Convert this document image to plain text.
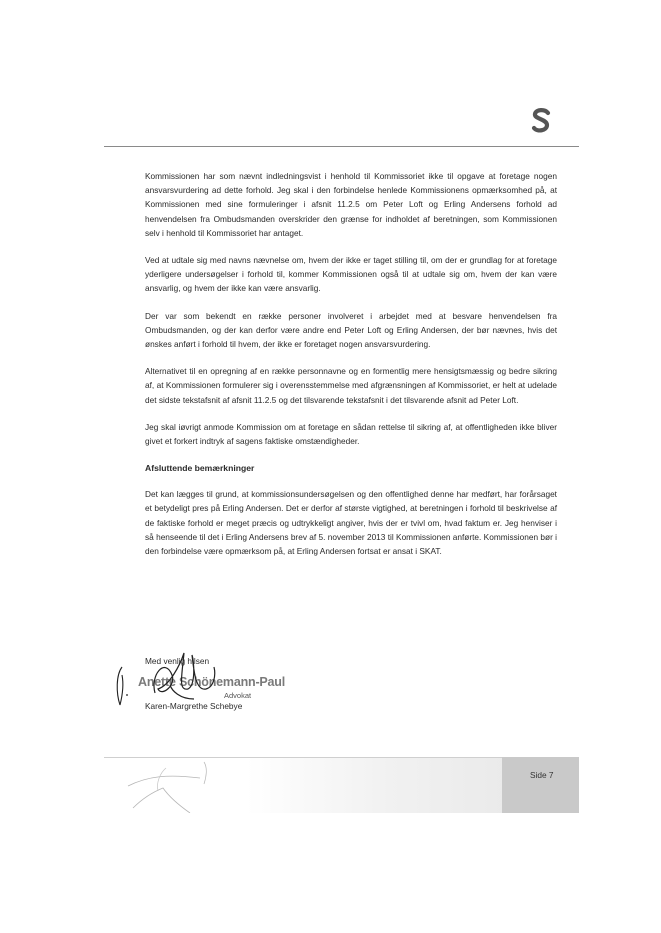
Kommissionen har som nævnt indledningsvist i henhold til Kommissoriet ikke til opgave at foretage nogen ansvarsvurdering ad dette forhold. Jeg skal i den forbindelse henlede Kommissionens opmærksomhed på, at Kommissionen med sine formuleringer i afsnit 11.2.5 om Peter Loft og Erling Andersens forhold ad henvendelsen fra Ombudsmanden overskrider den grænse for indholdet af beretningen, som Kommissionen selv i henhold til Kommissoriet har antaget.

Ved at udtale sig med navns nævnelse om, hvem der ikke er taget stilling til, om der er grundlag for at foretage yderligere undersøgelser i forhold til, kommer Kommissionen også til at udtale sig om, hvem der kan være ansvarlig, og hvem der ikke kan være ansvarlig.

Der var som bekendt en række personer involveret i arbejdet med at besvare henvendelsen fra Ombudsmanden, og der kan derfor være andre end Peter Loft og Erling Andersen, der bør nævnes, hvis det ønskes anført i forhold til hvem, der ikke er foretaget nogen ansvarsvurdering.

Alternativet til en opregning af en række personnavne og en formentlig mere hensigtsmæssig og bedre sikring af, at Kommissionen formulerer sig i overensstemmelse med afgrænsningen af Kommissoriet, er helt at udelade det sidste tekstafsnit af afsnit 11.2.5 og det tilsvarende tekstafsnit i det tilsvarende afsnit ad Peter Loft.

Jeg skal iøvrigt anmode Kommission om at foretage en sådan rettelse til sikring af, at offentligheden ikke bliver givet et forkert indtryk af sagens faktiske omstændigheder.

Afsluttende bemærkninger

Det kan lægges til grund, at kommissionsundersøgelsen og den offentlighed denne har medført, har forårsaget et betydeligt pres på Erling Andersen. Det er derfor af største vigtighed, at beretningen i forhold til beskrivelse af de faktiske forhold er meget præcis og udtrykkeligt angiver, hvis der er tvivl om, hvad faktum er. Jeg henviser i så henseende til det i Erling Andersens brev af 5. november 2013 til Kommissionen anførte. Kommissionen bør i den forbindelse være opmærksom på, at Erling Andersen fortsat er ansat i SKAT.

Med venlig hilsen
Anette Schönemann-Paul
Advokat
Karen-Margrethe Schebye
Side 7
